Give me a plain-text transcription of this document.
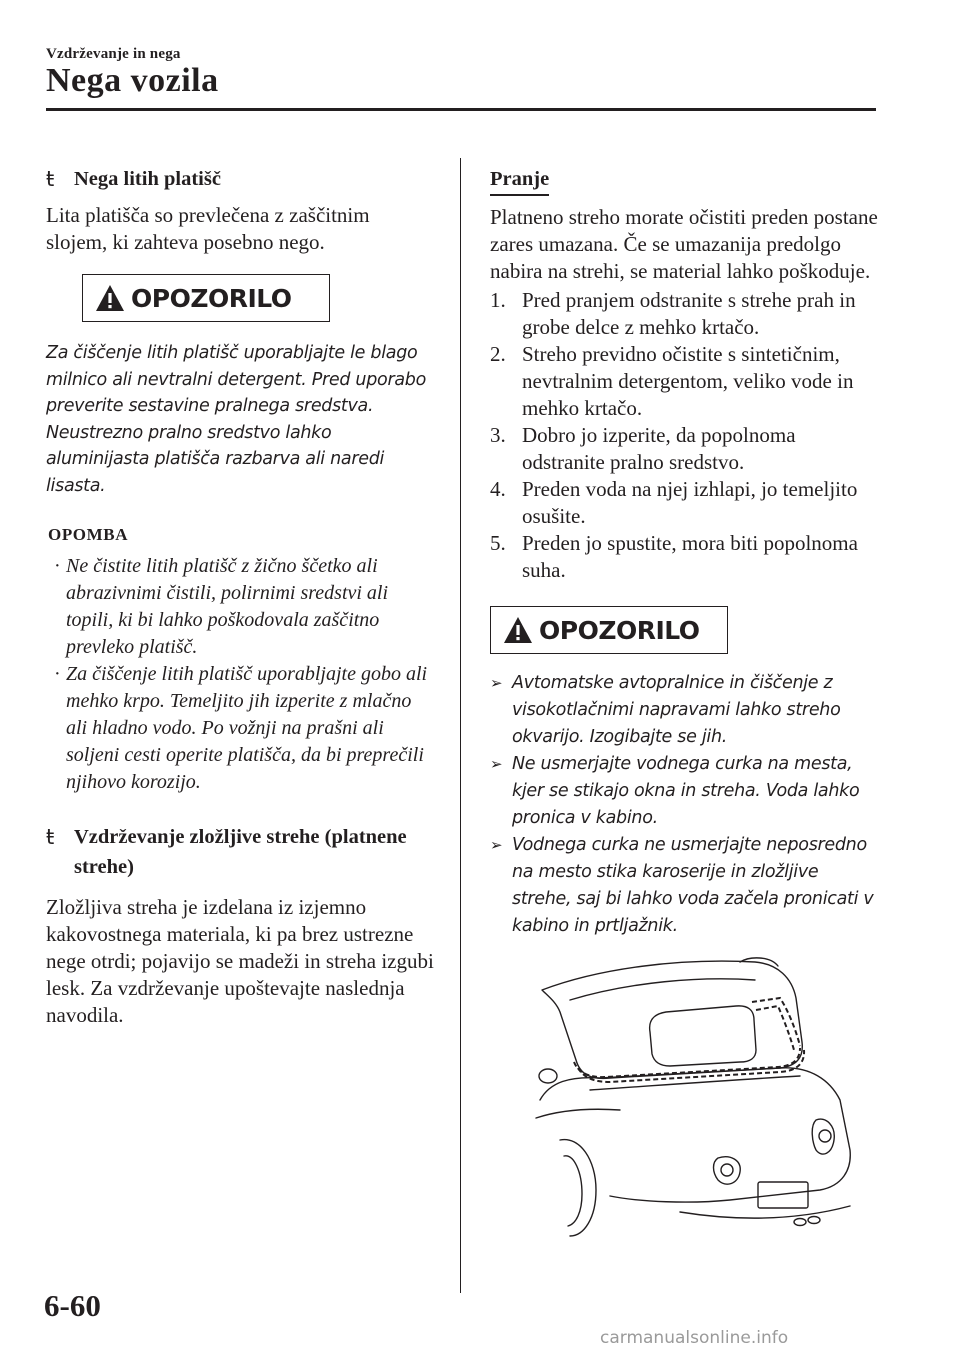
Vzdrževanje in nega
Nega vozila
ŧ Nega litih platišč

Lita platišča so prevlečena z zaščitnim slojem, ki zahteva posebno nego.

OPOZORILO

Za čiščenje litih platišč uporabljajte le blago milnico ali nevtralni detergent. Pred uporabo preverite sestavine pralnega sredstva. Neustrezno pralno sredstvo lahko aluminijasta platišča razbarva ali naredi lisasta.

OPOMBA
· Ne čistite litih platišč z žično ščetko ali abrazivnimi čistili, polirnimi sredstvi ali topili, ki bi lahko poškodovala zaščitno prevleko platišč.
· Za čiščenje litih platišč uporabljajte gobo ali mehko krpo. Temeljito jih izperite z mlačno ali hladno vodo. Po vožnji na prašni ali soljeni cesti operite platišča, da bi preprečili njihovo korozijo.
ŧ Vzdrževanje zložljive strehe (platnene strehe)

Zložljiva streha je izdelana iz izjemno kakovostnega materiala, ki pa brez ustrezne nege otrdi; pojavijo se madeži in streha izgubi lesk. Za vzdrževanje upoštevajte naslednja navodila.

Pranje

Platneno streho morate očistiti preden postane zares umazana. Če se umazanija predolgo nabira na strehi, se material lahko poškoduje.

1. Pred pranjem odstranite s strehe prah in grobe delce z mehko krtačo.
2. Streho previdno očistite s sintetičnim, nevtralnim detergentom, veliko vode in mehko krtačo.
3. Dobro jo izperite, da popolnoma odstranite pralno sredstvo.
4. Preden voda na njej izhlapi, jo temeljito osušite.
5. Preden jo spustite, mora biti popolnoma suha.
OPOZORILO
➢ Avtomatske avtopralnice in čiščenje z visokotlačnimi napravami lahko streho okvarijo. Izogibajte se jih.
➢ Ne usmerjajte vodnega curka na mesta, kjer se stikajo okna in streha. Voda lahko pronica v kabino.
➢ Vodnega curka ne usmerjajte neposredno na mesto stika karoserije in zložljive strehe, saj bi lahko voda začela pronicati v kabino in prtljažnik.
6-60
carmanualsonline.info
